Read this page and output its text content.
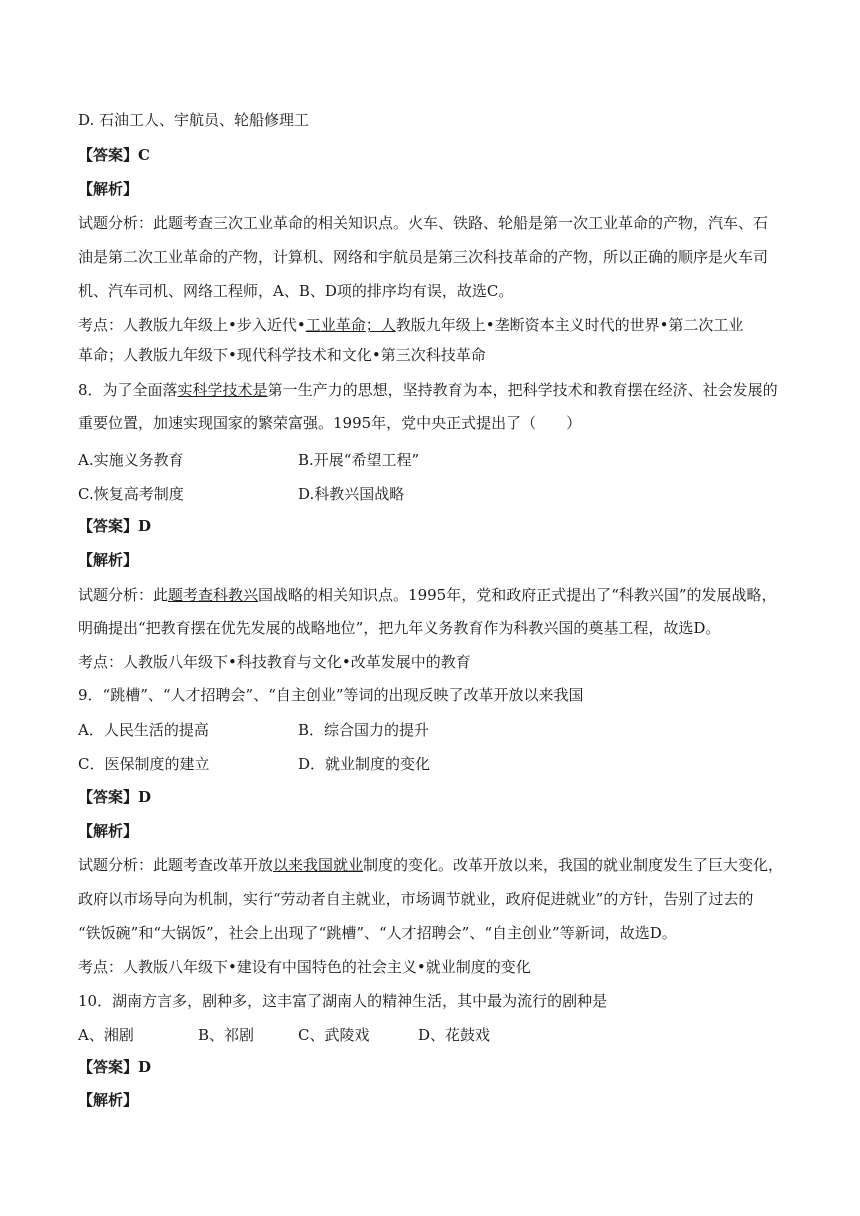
D. 石油工人、宇航员、轮船修理工
【答案】C
【解析】
试题分析：此题考查三次工业革命的相关知识点。火车、铁路、轮船是第一次工业革命的产物，汽车、石
油是第二次工业革命的产物，计算机、网络和宇航员是第三次科技革命的产物，所以正确的顺序是火车司
机、汽车司机、网络工程师，A、B、D项的排序均有误，故选C。
考点：人教版九年级上•步入近代•工业革命；人教版九年级上•垄断资本主义时代的世界•第二次工业
革命；人教版九年级下•现代科学技术和文化•第三次科技革命
8．为了全面落实科学技术是第一生产力的思想，坚持教育为本，把科学技术和教育摆在经济、社会发展的
重要位置，加速实现国家的繁荣富强。1995年，党中央正式提出了（　　）
A.实施义务教育	B.开展“希望工程”
C.恢复高考制度	D.科教兴国战略
【答案】D
【解析】
试题分析：此题考查科教兴国战略的相关知识点。1995年，党和政府正式提出了“科教兴国”的发展战略，
明确提出“把教育摆在优先发展的战略地位”，把九年义务教育作为科教兴国的奠基工程，故选D。
考点：人教版八年级下•科技教育与文化•改革发展中的教育
9．“跳槽”、“人才招聘会”、“自主创业”等词的出现反映了改革开放以来我国
A．人民生活的提高	B．综合国力的提升
C．医保制度的建立	D．就业制度的变化
【答案】D
【解析】
试题分析：此题考查改革开放以来我国就业制度的变化。改革开放以来，我国的就业制度发生了巨大变化，
政府以市场导向为机制，实行“劳动者自主就业，市场调节就业，政府促进就业”的方针，告别了过去的
“铁饭碗”和“大锅饭”，社会上出现了“跳槽”、“人才招聘会”、“自主创业”等新词，故选D。
考点：人教版八年级下•建设有中国特色的社会主义•就业制度的变化
10．湖南方言多，剧种多，这丰富了湖南人的精神生活，其中最为流行的剧种是
A、湘剧	B、祁剧	C、武陵戏	D、花鼓戏
【答案】D
【解析】
